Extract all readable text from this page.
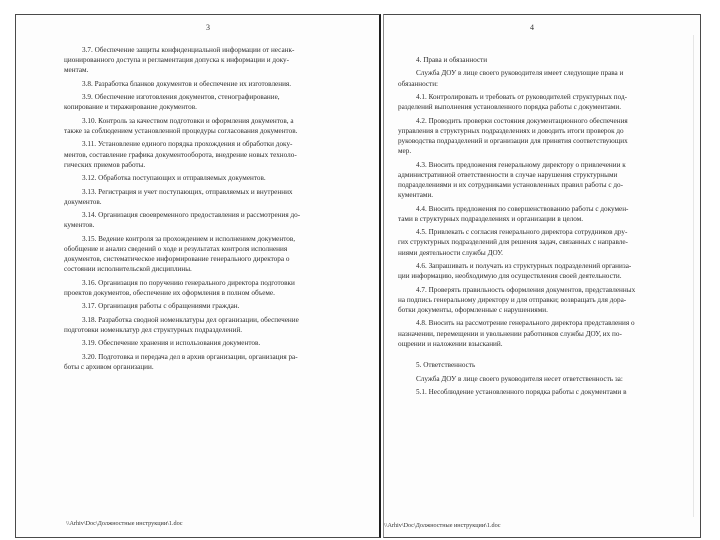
3
3.7. Обеспечение защиты конфиденциальной информации от несанк-
ционированного доступа и регламентация допуска к информации и доку-
ментам.
3.8. Разработка бланков документов и обеспечение их изготовления.
3.9. Обеспечение изготовления документов, стенографирование,
копирование и тиражирование документов.
3.10. Контроль за качеством подготовки и оформления документов, а
также за соблюдением установленной процедуры согласования документов.
3.11. Установление единого порядка прохождения и обработки доку-
ментов, составление графика документооборота, внедрение новых техноло-
гических приемов работы.
3.12. Обработка поступающих и отправляемых документов.
3.13. Регистрация и учет поступающих, отправляемых и внутренних
документов.
3.14. Организация своевременного предоставления и рассмотрения до-
кументов.
3.15. Ведение контроля за прохождением и исполнением документов,
обобщение и анализ сведений о ходе и результатах контроля исполнения
документов, систематическое информирование генерального директора о
состоянии исполнительской дисциплины.
3.16. Организация по поручению генерального директора подготовки
проектов документов, обеспечение их оформления в полном объеме.
3.17. Организация работы с обращениями граждан.
3.18. Разработка сводной номенклатуры дел организации, обеспечение
подготовки номенклатур дел структурных подразделений.
3.19. Обеспечение хранения и использования документов.
3.20. Подготовка и передача дел в архив организации, организация ра-
боты с архивом организации.
\\Arhiv\Doc\Должностные инструкции\1.doc
4
4. Права и обязанности
Служба ДОУ в лице своего руководителя имеет следующие права и
обязанности:
4.1. Контролировать и требовать от руководителей структурных под-
разделений выполнения установленного порядка работы с документами.
4.2. Проводить проверки состояния документационного обеспечения
управления в структурных подразделениях и доводить итоги проверок до
руководства подразделений и организации для принятия соответствующих
мер.
4.3. Вносить предложения генеральному директору о привлечении к
административной ответственности в случае нарушения структурными
подразделениями и их сотрудниками установленных правил работы с до-
кументами.
4.4. Вносить предложения по совершенствованию работы с докумен-
тами в структурных подразделениях и организации в целом.
4.5. Привлекать с согласия генерального директора сотрудников дру-
гих структурных подразделений для решения задач, связанных с направле-
ниями деятельности службы ДОУ.
4.6. Запрашивать и получать из структурных подразделений организа-
ции информацию, необходимую для осуществления своей деятельности.
4.7. Проверять правильность оформления документов, представленных
на подпись генеральному директору и для отправки; возвращать для дора-
ботки документы, оформленные с нарушениями.
4.8. Вносить на рассмотрение генерального директора представления о
назначении, перемещении и увольнении работников службы ДОУ, их по-
ощрении и наложении взысканий.
5. Ответственность
Служба ДОУ в лице своего руководителя несет ответственность за:
5.1. Несоблюдение установленного порядка работы с документами в
\\Arhiv\Doc\Должностные инструкции\1.doc
